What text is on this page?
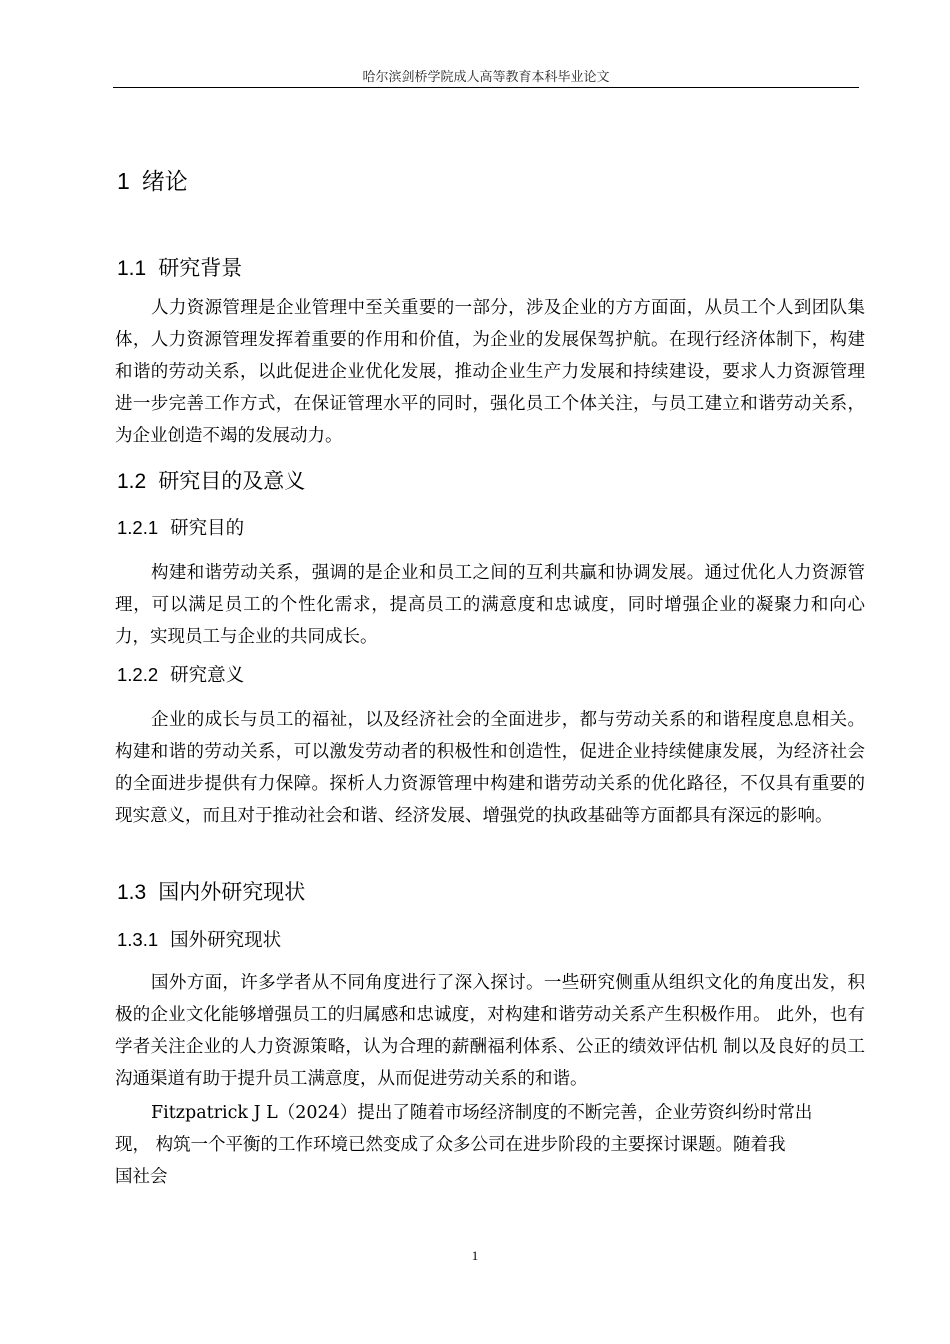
哈尔滨剑桥学院成人高等教育本科毕业论文
1 绪论
1.1 研究背景

人力资源管理是企业管理中至关重要的一部分，涉及企业的方方面面，从员工个人到团队集体，人力资源管理发挥着重要的作用和价值，为企业的发展保驾护航。在现行经济体制下，构建和谐的劳动关系，以此促进企业优化发展，推动企业生产力发展和持续建设，要求人力资源管理进一步完善工作方式，在保证管理水平的同时，强化员工个体关注，与员工建立和谐劳动关系，为企业创造不竭的发展动力。

1.2 研究目的及意义
1.2.1 研究目的

构建和谐劳动关系，强调的是企业和员工之间的互利共赢和协调发展。通过优化人力资源管理，可以满足员工的个性化需求，提高员工的满意度和忠诚度，同时增强企业的凝聚力和向心力，实现员工与企业的共同成长。

1.2.2 研究意义

企业的成长与员工的福祉，以及经济社会的全面进步，都与劳动关系的和谐程度息息相关。构建和谐的劳动关系，可以激发劳动者的积极性和创造性，促进企业持续健康发展，为经济社会的全面进步提供有力保障。探析人力资源管理中构建和谐劳动关系的优化路径，不仅具有重要的现实意义，而且对于推动社会和谐、经济发展、增强党的执政基础等方面都具有深远的影响。

1.3 国内外研究现状
1.3.1 国外研究现状

国外方面，许多学者从不同角度进行了深入探讨。一些研究侧重从组织文化的角度出发，积极的企业文化能够增强员工的归属感和忠诚度，对构建和谐劳动关系产生积极作用。 此外，也有学者关注企业的人力资源策略，认为合理的薪酬福利体系、公正的绩效评估机 制以及良好的员工沟通渠道有助于提升员工满意度，从而促进劳动关系的和谐。

Fitzpatrick J L（2024）提出了随着市场经济制度的不断完善，企业劳资纠纷时常出
现， 构筑一个平衡的工作环境已然变成了众多公司在进步阶段的主要探讨课题。随着我
国社会
1
